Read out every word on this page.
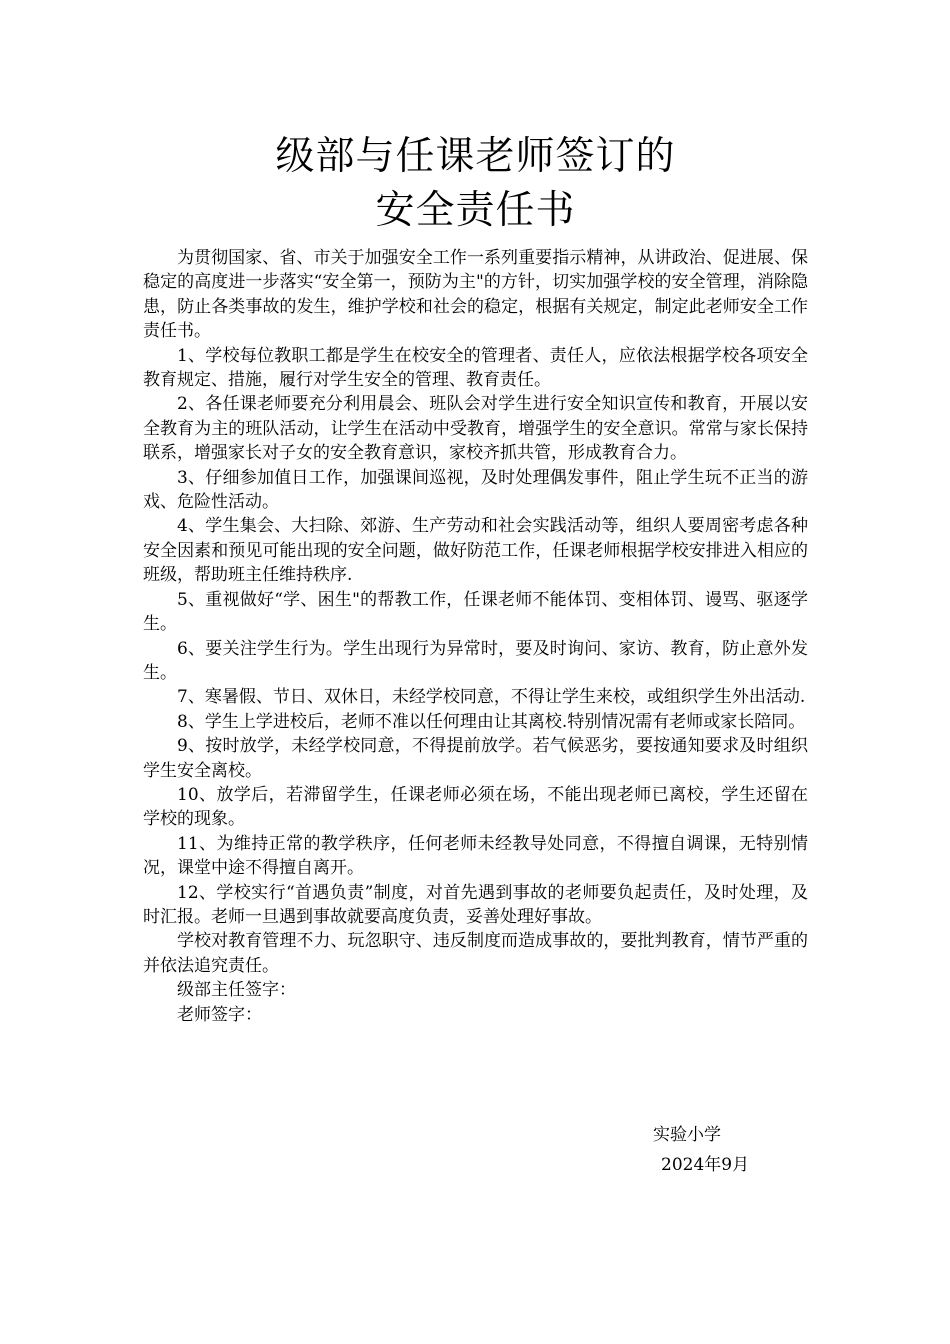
级部与任课老师签订的
安全责任书

为贯彻国家、省、市关于加强安全工作一系列重要指示精神，从讲政治、促进展、保稳定的高度进一步落实“安全第一，预防为主"的方针，切实加强学校的安全管理，消除隐患，防止各类事故的发生，维护学校和社会的稳定，根据有关规定，制定此老师安全工作责任书。

1、学校每位教职工都是学生在校安全的管理者、责任人，应依法根据学校各项安全教育规定、措施，履行对学生安全的管理、教育责任。

2、各任课老师要充分利用晨会、班队会对学生进行安全知识宣传和教育，开展以安全教育为主的班队活动，让学生在活动中受教育，增强学生的安全意识。常常与家长保持联系，增强家长对子女的安全教育意识，家校齐抓共管，形成教育合力。

3、仔细参加值日工作，加强课间巡视，及时处理偶发事件，阻止学生玩不正当的游戏、危险性活动。

4、学生集会、大扫除、郊游、生产劳动和社会实践活动等，组织人要周密考虑各种安全因素和预见可能出现的安全问题，做好防范工作，任课老师根据学校安排进入相应的班级，帮助班主任维持秩序.

5、重视做好“学、困生"的帮教工作，任课老师不能体罚、变相体罚、谩骂、驱逐学生。

6、要关注学生行为。学生出现行为异常时，要及时询问、家访、教育，防止意外发生。

7、寒暑假、节日、双休日，未经学校同意，不得让学生来校，或组织学生外出活动.

8、学生上学进校后，老师不准以任何理由让其离校.特别情况需有老师或家长陪同。

9、按时放学，未经学校同意，不得提前放学。若气候恶劣，要按通知要求及时组织学生安全离校。

10、放学后，若滞留学生，任课老师必须在场，不能出现老师已离校，学生还留在学校的现象。

11、为维持正常的教学秩序，任何老师未经教导处同意，不得擅自调课，无特别情况，课堂中途不得擅自离开。

12、学校实行“首遇负责”制度，对首先遇到事故的老师要负起责任，及时处理，及时汇报。老师一旦遇到事故就要高度负责，妥善处理好事故。

学校对教育管理不力、玩忽职守、违反制度而造成事故的，要批判教育，情节严重的并依法追究责任。

级部主任签字：

老师签字：

实验小学
2024年9月
